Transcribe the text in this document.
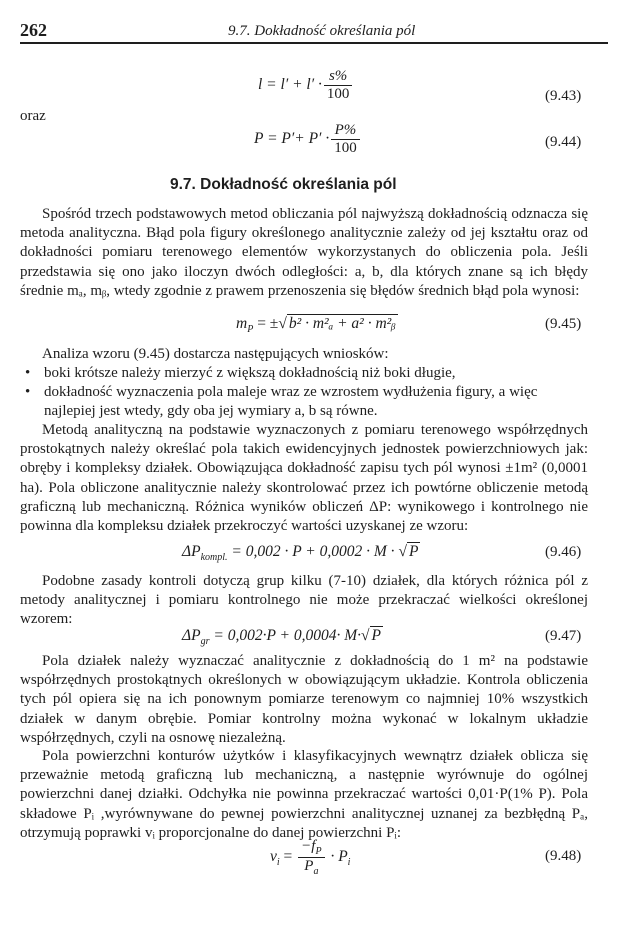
262	9.7. Dokładność określania pól
$l = l' + l' \cdot \frac{s\%}{100}$	(9.43)
oraz
$P = P'+ P' \cdot \frac{P\%}{100}$	(9.44)
9.7. Dokładność określania pól
Spośród trzech podstawowych metod obliczania pól najwyższą dokładnością odznacza się metoda analityczna. Błąd pola figury określonego analitycznie zależy od jej kształtu oraz od dokładności pomiaru terenowego elementów wykorzystanych do obliczenia pola. Jeśli przedstawia się ono jako iloczyn dwóch odległości: a, b, dla których znane są ich błędy średnie mₐ, mᵦ, wtedy zgodnie z prawem przenoszenia się błędów średnich błąd pola wynosi:
$m_P$ = ±√ b² · m²ₐ + a² · m²ᵦ	(9.45)
Analiza wzoru (9.45) dostarcza następujących wniosków:
• boki krótsze należy mierzyć z większą dokładnością niż boki długie,
• dokładność wyznaczenia pola maleje wraz ze wzrostem wydłużenia figury, a więc
najlepiej jest wtedy, gdy oba jej wymiary a, b są równe.
Metodą analityczną na podstawie wyznaczonych z pomiaru terenowego współrzędnych prostokątnych należy określać pola takich ewidencyjnych jednostek powierzchniowych jak: obręby i kompleksy działek. Obowiązująca dokładność zapisu tych pól wynosi ±1m² (0,0001 ha). Pola obliczone analitycznie należy skontrolować przez ich powtórne obliczenie metodą graficzną lub mechaniczną. Różnica wyników obliczeń ΔP: wynikowego i kontrolnego nie powinna dla kompleksu działek przekroczyć wartości uzyskanej ze wzoru:
$\Delta P_{kompl.} = 0,002 \cdot P + 0,0002 \cdot M$ · √ P	(9.46)
Podobne zasady kontroli dotyczą grup kilku (7-10) działek, dla których różnica pól z metody analitycznej i pomiaru kontrolnego nie może przekraczać wielkości określonej wzorem:
$\Delta P_{gr} = 0,002\cdot P + 0,0004\cdot M\cdot√$ P	(9.47)
Pola działek należy wyznaczać analitycznie z dokładnością do 1 m² na podstawie współrzędnych prostokątnych określonych w obowiązującym układzie. Kontrola obliczenia tych pól opiera się na ich ponownym pomiarze terenowym co najmniej 10% wszystkich działek w danym obrębie. Pomiar kontrolny można wykonać w lokalnym układzie współrzędnych, czyli na osnowę niezależną.
Pola powierzchni konturów użytków i klasyfikacyjnych wewnątrz działek oblicza się przeważnie metodą graficzną lub mechaniczną, a następnie wyrównuje do ogólnej powierzchni danej działki. Odchyłka nie powinna przekraczać wartości 0,01·P(1% P). Pola składowe Pᵢ ,wyrównywane do pewnej powierzchni analitycznej uznanej za bezbłędną Pₐ, otrzymują poprawki vᵢ proporcjonalne do danej powierzchni Pᵢ:
$v_i = \frac{-f_P}{P_a} \cdot P_i$	(9.48)
